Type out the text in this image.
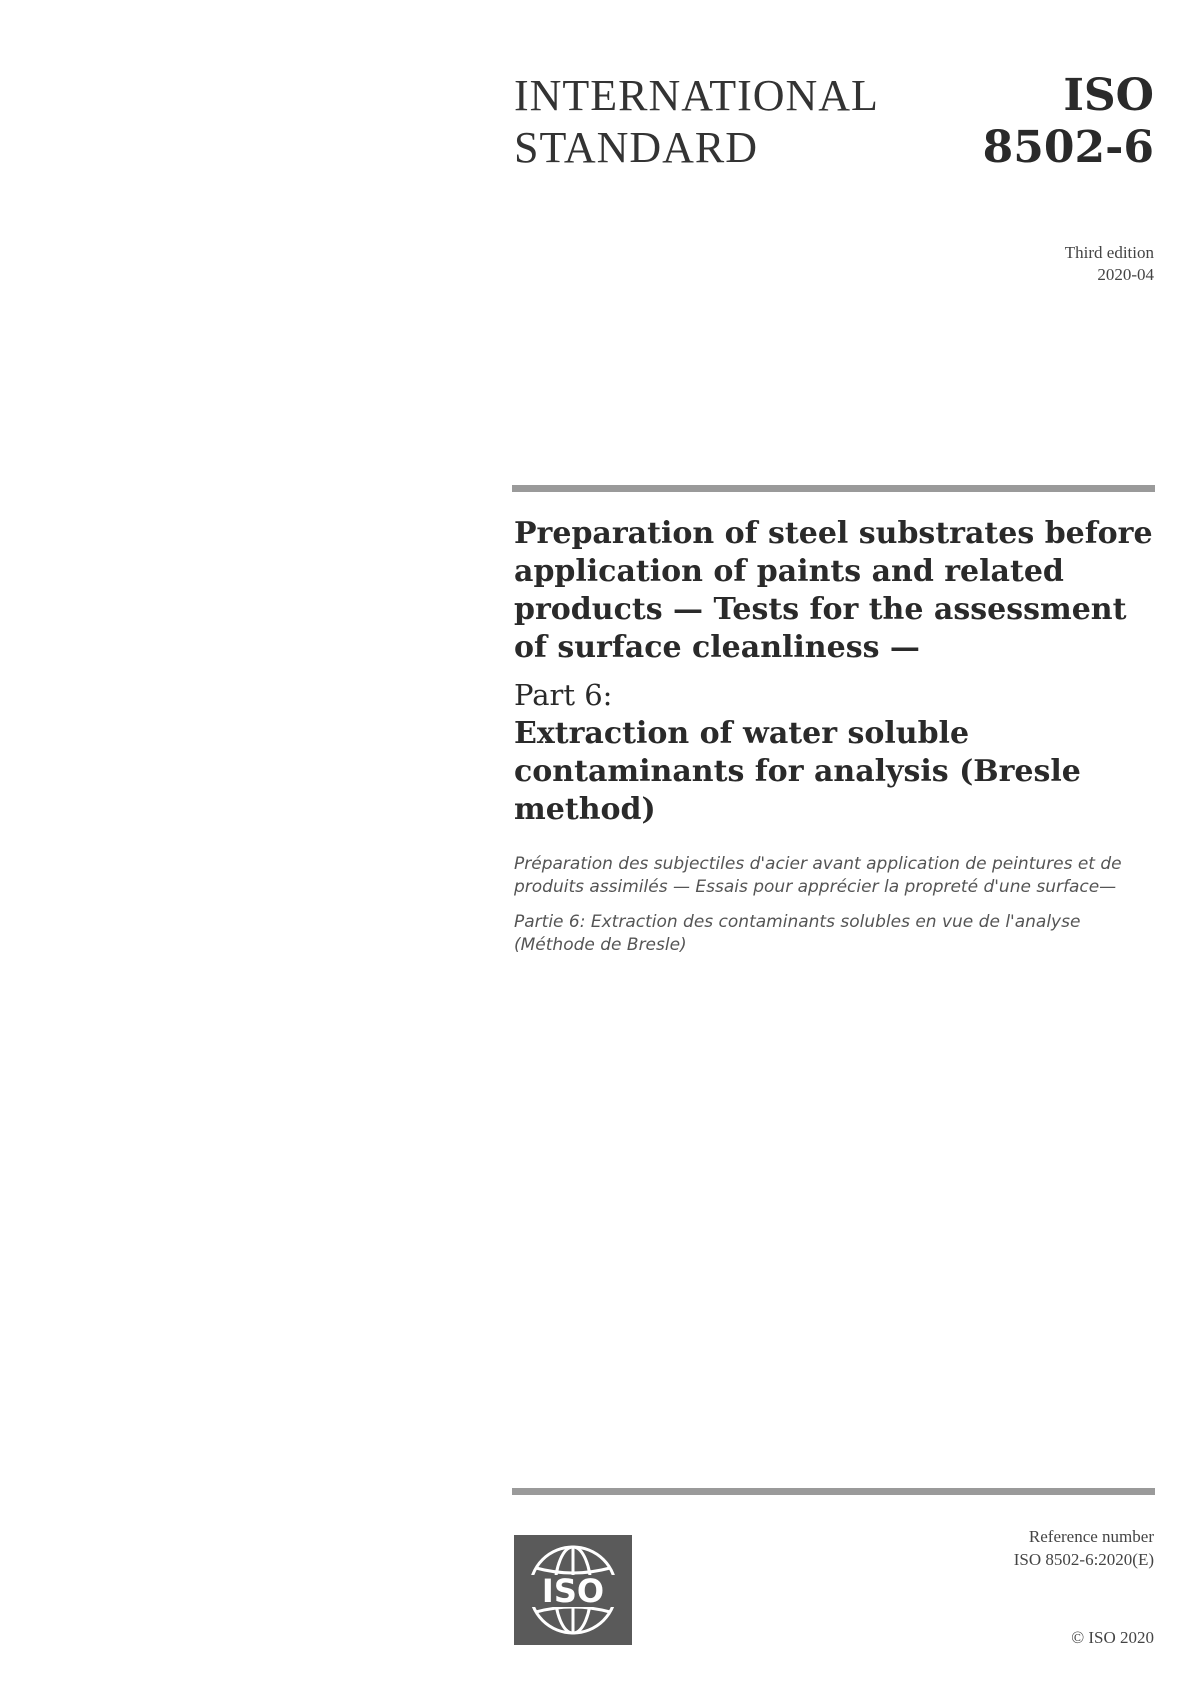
INTERNATIONAL
STANDARD
ISO
8502-6
Third edition
2020-04

Preparation of steel substrates before application of paints and related products — Tests for the assessment of surface cleanliness —

Part 6:

Extraction of water soluble contaminants for analysis (Bresle method)

Préparation des subjectiles d'acier avant application de peintures et de produits assimilés — Essais pour apprécier la propreté d'une surface—

Partie 6: Extraction des contaminants solubles en vue de l'analyse (Méthode de Bresle)

ISO
Reference number
ISO 8502-6:2020(E)
© ISO 2020
